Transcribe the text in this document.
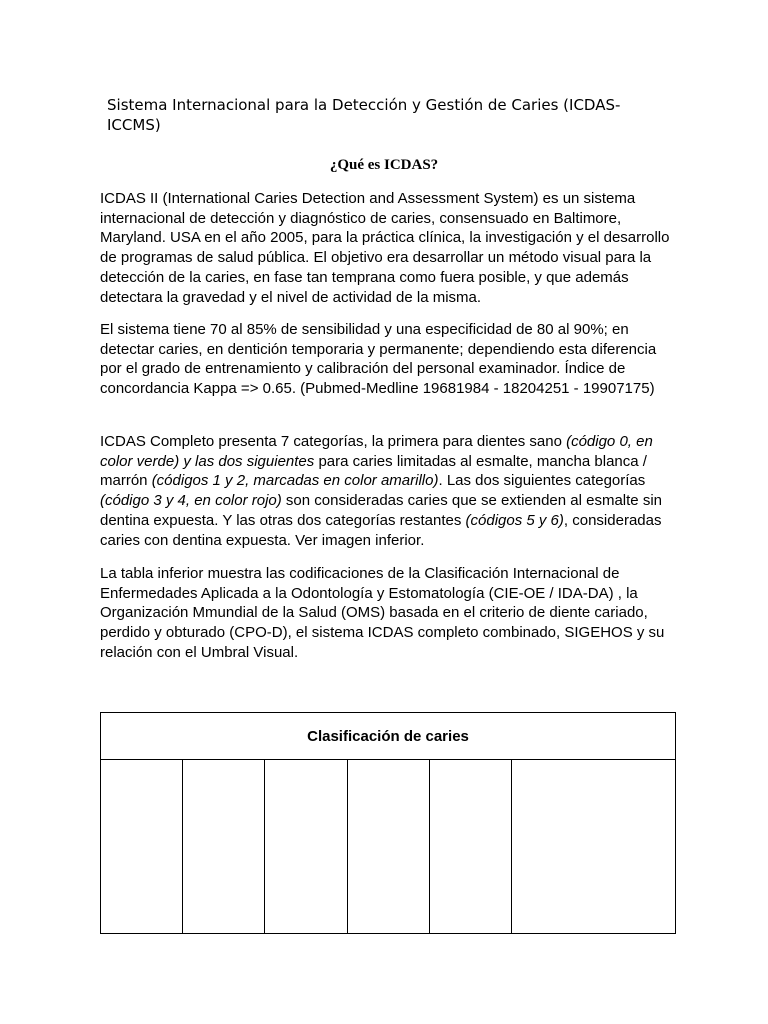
Sistema Internacional para la Detección y Gestión de Caries (ICDAS-ICCMS)
¿Qué es ICDAS?

ICDAS II (International Caries Detection and Assessment System) es un sistema internacional de detección y diagnóstico de caries, consensuado en Baltimore, Maryland. USA en el año 2005, para la práctica clínica, la investigación y el desarrollo de programas de salud pública. El objetivo era desarrollar un método visual para la detección de la caries, en fase tan temprana como fuera posible, y que además detectara la gravedad y el nivel de actividad de la misma.

El sistema tiene 70 al 85% de sensibilidad y una especificidad de 80 al 90%; en detectar caries, en dentición temporaria y permanente; dependiendo esta diferencia por el grado de entrenamiento y calibración del personal examinador. Índice de concordancia Kappa => 0.65. (Pubmed-Medline 19681984 - 18204251 - 19907175)

ICDAS Completo presenta 7 categorías, la primera para dientes sano (código 0, en color verde) y las dos siguientes para caries limitadas al esmalte, mancha blanca / marrón (códigos 1 y 2, marcadas en color amarillo). Las dos siguientes categorías (código 3 y 4, en color rojo) son consideradas caries que se extienden al esmalte sin dentina expuesta. Y las otras dos categorías restantes (códigos 5 y 6), consideradas caries con dentina expuesta. Ver imagen inferior.

La tabla inferior muestra las codificaciones de la Clasificación Internacional de Enfermedades Aplicada a la Odontología y Estomatología (CIE-OE / IDA-DA) , la Organización Mmundial de la Salud (OMS) basada en el criterio de diente cariado, perdido y obturado (CPO-D), el sistema ICDAS completo combinado, SIGEHOS y su relación con el Umbral Visual.

Clasificación de caries
